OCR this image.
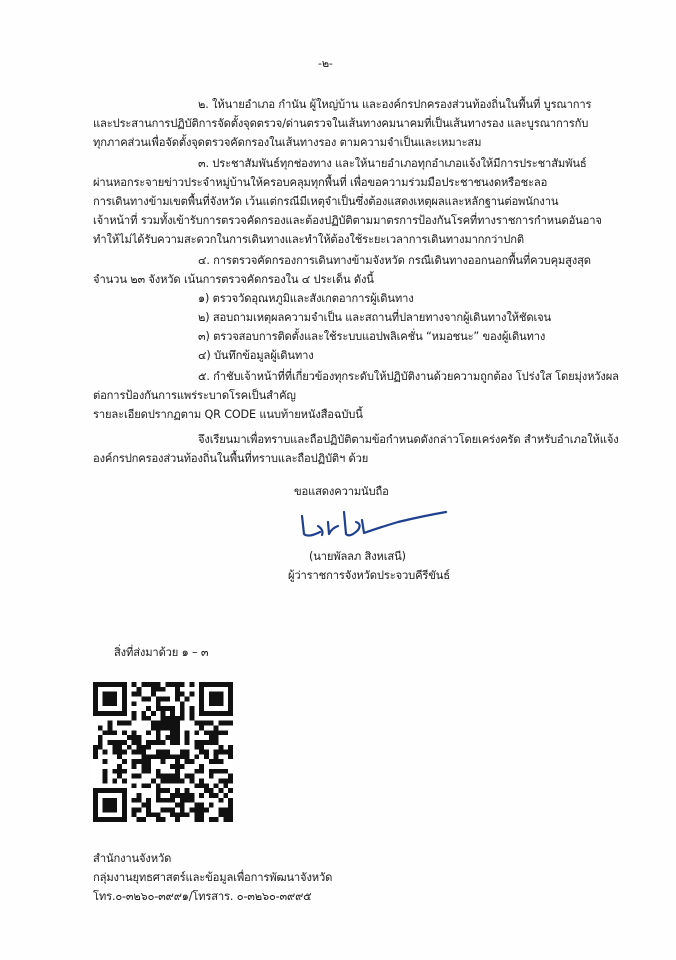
-๒-
๒. ให้นายอำเภอ กำนัน ผู้ใหญ่บ้าน และองค์กรปกครองส่วนท้องถิ่นในพื้นที่ บูรณาการ
และประสานการปฏิบัติการจัดตั้งจุดตรวจ/ด่านตรวจในเส้นทางคมนาคมที่เป็นเส้นทางรอง และบูรณาการกับ
ทุกภาคส่วนเพื่อจัดตั้งจุดตรวจคัดกรองในเส้นทางรอง ตามความจำเป็นและเหมาะสม
๓. ประชาสัมพันธ์ทุกช่องทาง และให้นายอำเภอทุกอำเภอแจ้งให้มีการประชาสัมพันธ์
ผ่านหอกระจายข่าวประจำหมู่บ้านให้ครอบคลุมทุกพื้นที่ เพื่อขอความร่วมมือประชาชนงดหรือชะลอ
การเดินทางข้ามเขตพื้นที่จังหวัด เว้นแต่กรณีมีเหตุจำเป็นซึ่งต้องแสดงเหตุผลและหลักฐานต่อพนักงาน
เจ้าหน้าที่ รวมทั้งเข้ารับการตรวจคัดกรองและต้องปฏิบัติตามมาตรการป้องกันโรคที่ทางราชการกำหนดอันอาจ
ทำให้ไม่ได้รับความสะดวกในการเดินทางและทำให้ต้องใช้ระยะเวลาการเดินทางมากกว่าปกติ
๔. การตรวจคัดกรองการเดินทางข้ามจังหวัด กรณีเดินทางออกนอกพื้นที่ควบคุมสูงสุด
จำนวน ๒๓ จังหวัด เน้นการตรวจคัดกรองใน ๔ ประเด็น ดังนี้
๑) ตรวจวัดอุณหภูมิและสังเกตอาการผู้เดินทาง
๒) สอบถามเหตุผลความจำเป็น และสถานที่ปลายทางจากผู้เดินทางให้ชัดเจน
๓) ตรวจสอบการติดตั้งและใช้ระบบแอปพลิเคชั่น “หมอชนะ” ของผู้เดินทาง
๔) บันทึกข้อมูลผู้เดินทาง
๕. กำชับเจ้าหน้าที่ที่เกี่ยวข้องทุกระดับให้ปฏิบัติงานด้วยความถูกต้อง โปร่งใส โดยมุ่งหวังผล
ต่อการป้องกันการแพร่ระบาดโรคเป็นสำคัญ
รายละเอียดปรากฏตาม QR CODE แนบท้ายหนังสือฉบับนี้
จึงเรียนมาเพื่อทราบและถือปฏิบัติตามข้อกำหนดดังกล่าวโดยเคร่งครัด สำหรับอำเภอให้แจ้ง
องค์กรปกครองส่วนท้องถิ่นในพื้นที่ทราบและถือปฏิบัติฯ ด้วย
ขอแสดงความนับถือ
(นายพัลลภ สิงหเสนี)
ผู้ว่าราชการจังหวัดประจวบคีรีขันธ์
สิ่งที่ส่งมาด้วย ๑ – ๓
สำนักงานจังหวัด
กลุ่มงานยุทธศาสตร์และข้อมูลเพื่อการพัฒนาจังหวัด
โทร.๐-๓๒๖๐-๓๙๙๑/โทรสาร. ๐-๓๒๖๐-๓๙๙๕
